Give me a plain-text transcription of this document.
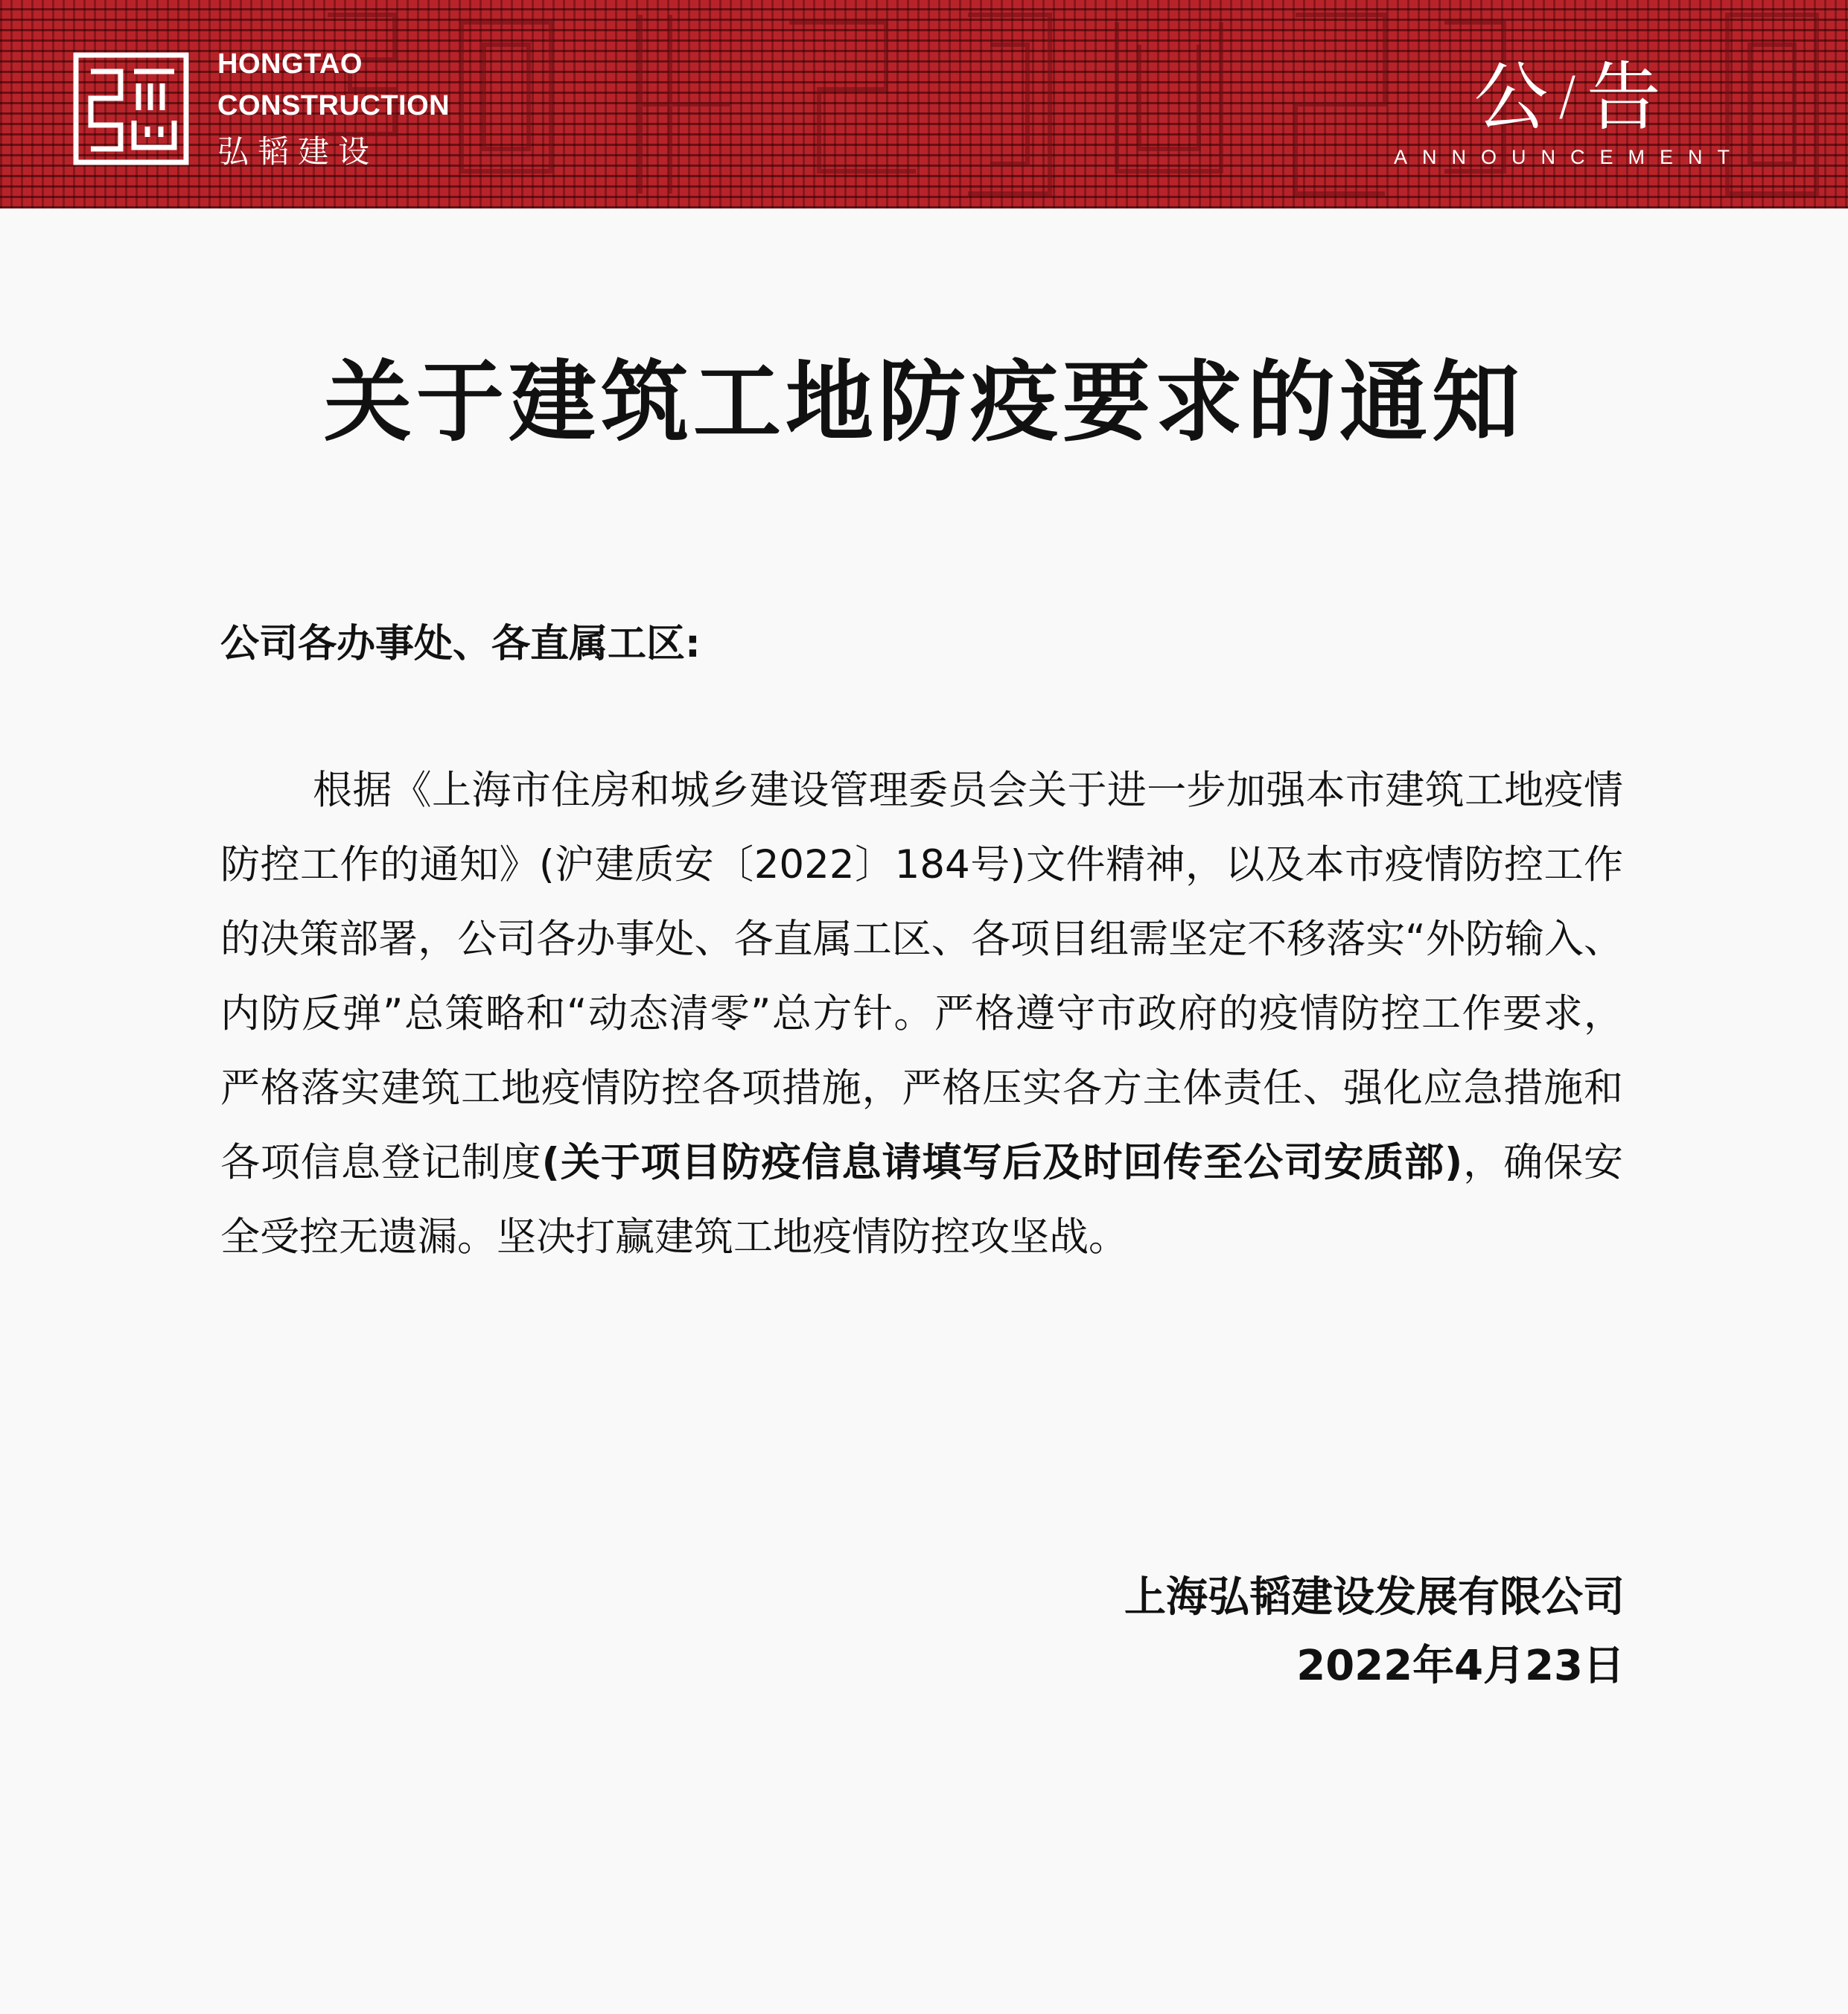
HONGTAO
CONSTRUCTION
弘韬建设
公 / 告
ANNOUNCEMENT
关于建筑工地防疫要求的通知
公司各办事处、各直属工区:

根据《上海市住房和城乡建设管理委员会关于进一步加强本市建筑工地疫情防控工作的通知》(沪建质安〔2022〕184号)文件精神，以及本市疫情防控工作的决策部署，公司各办事处、各直属工区、各项目组需坚定不移落实“外防输入、内防反弹”总策略和“动态清零”总方针。严格遵守市政府的疫情防控工作要求，严格落实建筑工地疫情防控各项措施，严格压实各方主体责任、强化应急措施和各项信息登记制度(关于项目防疫信息请填写后及时回传至公司安质部)，确保安全受控无遗漏。坚决打赢建筑工地疫情防控攻坚战。

上海弘韬建设发展有限公司
2022年4月23日
